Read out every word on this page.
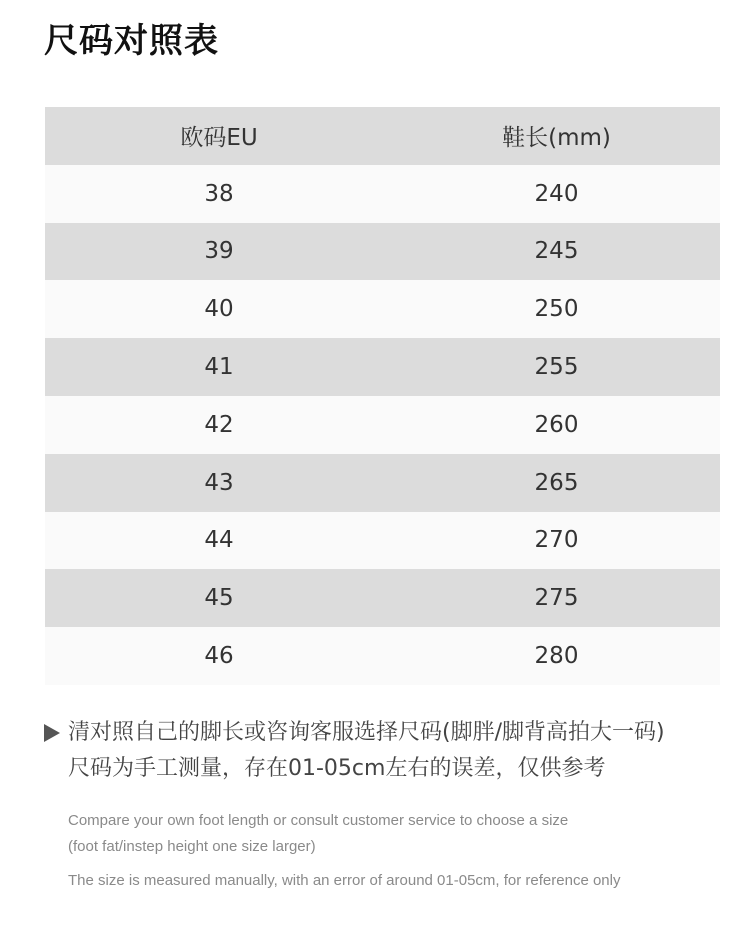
尺码对照表
欧码EU	鞋长(mm)
38	240
39	245
40	250
41	255
42	260
43	265
44	270
45	275
46	280
清对照自己的脚长或咨询客服选择尺码(脚胖/脚背高拍大一码)
尺码为手工测量，存在01-05cm左右的误差，仅供参考
Compare your own foot length or consult customer service to choose a size
(foot fat/instep height one size larger)
The size is measured manually, with an error of around 01-05cm, for reference only
